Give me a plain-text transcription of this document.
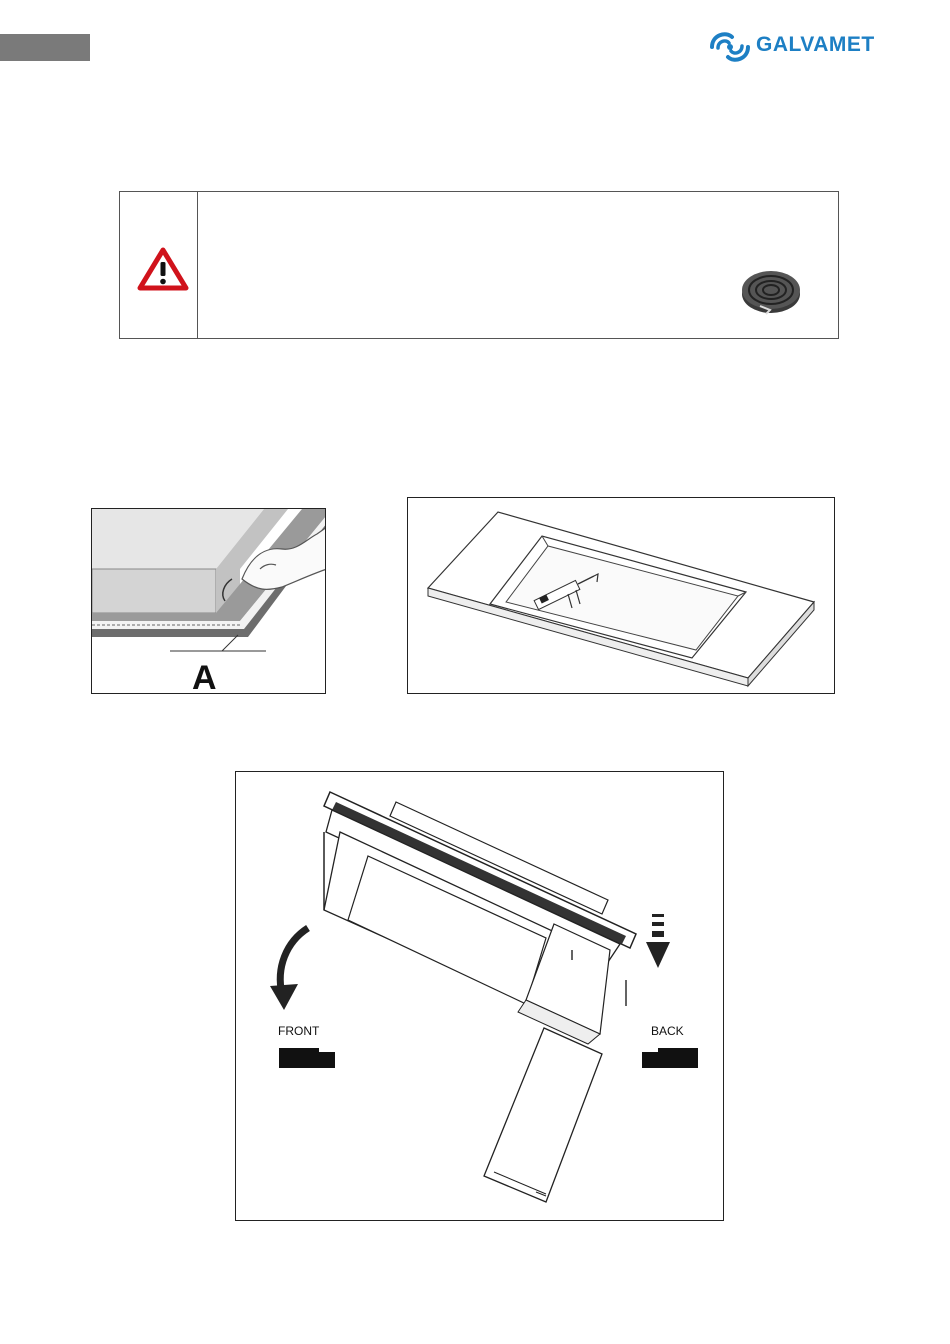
GALVAMET
A
FRONT	BACK
